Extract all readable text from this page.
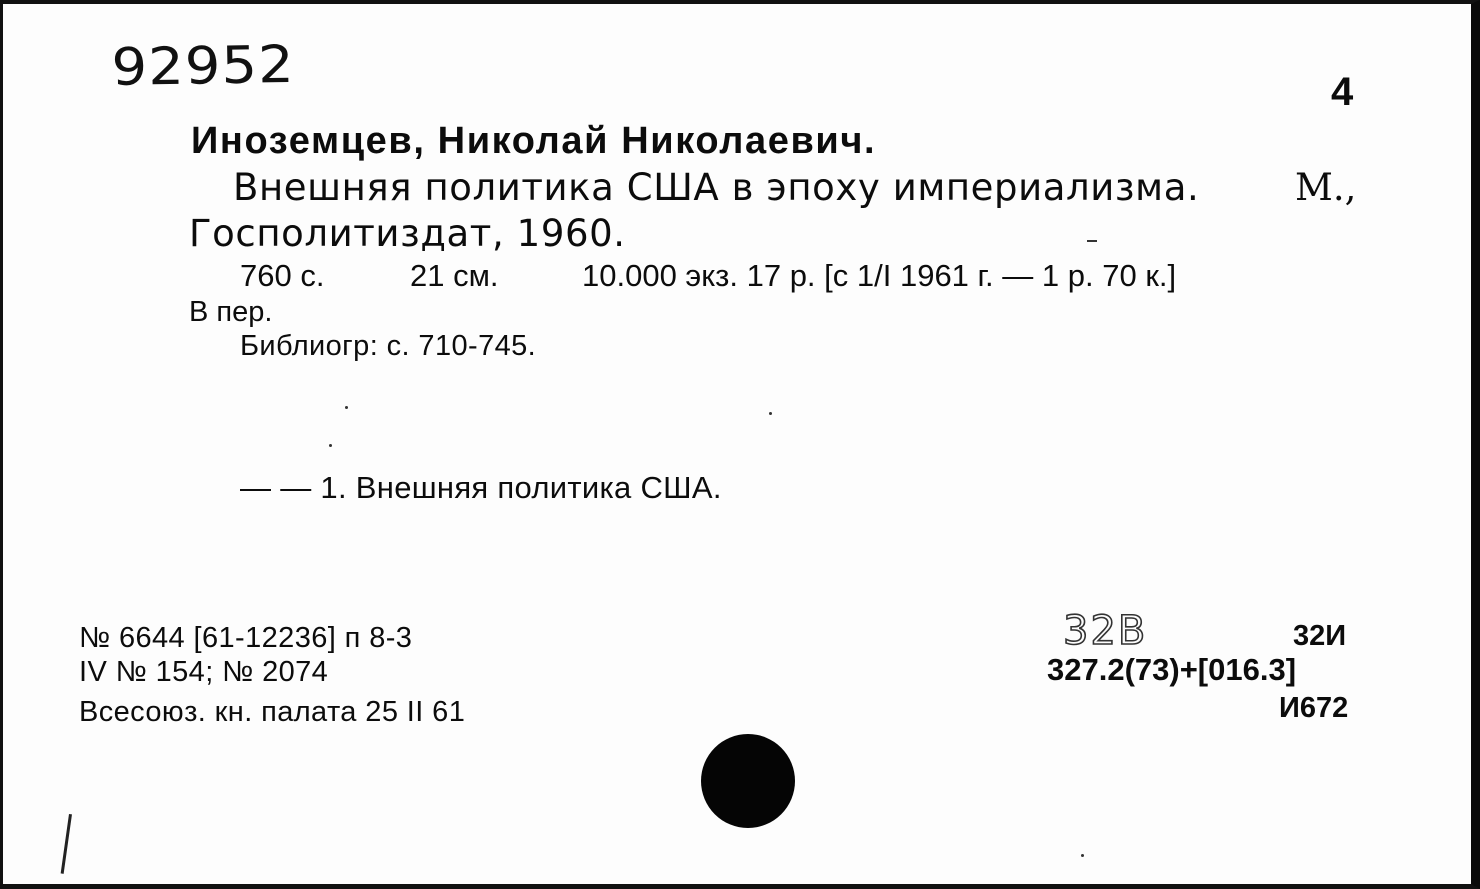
92952	4
Иноземцев, Николай Николаевич.
Внешняя политика США в эпоху империализма.	М.,
Госполитиздат, 1960.
760 с.	21 см.	10.000 экз. 17 р. [с 1/I 1961 г. — 1 р. 70 к.]
В пер.
Библиогр: с. 710-745.
— — 1. Внешняя политика США.
№ 6644 [61-12236] п 8-3
IV № 154; № 2074
Всесоюз. кн. палата 25 II 61
32В	32И
327.2(73)+[016.3]
И672
